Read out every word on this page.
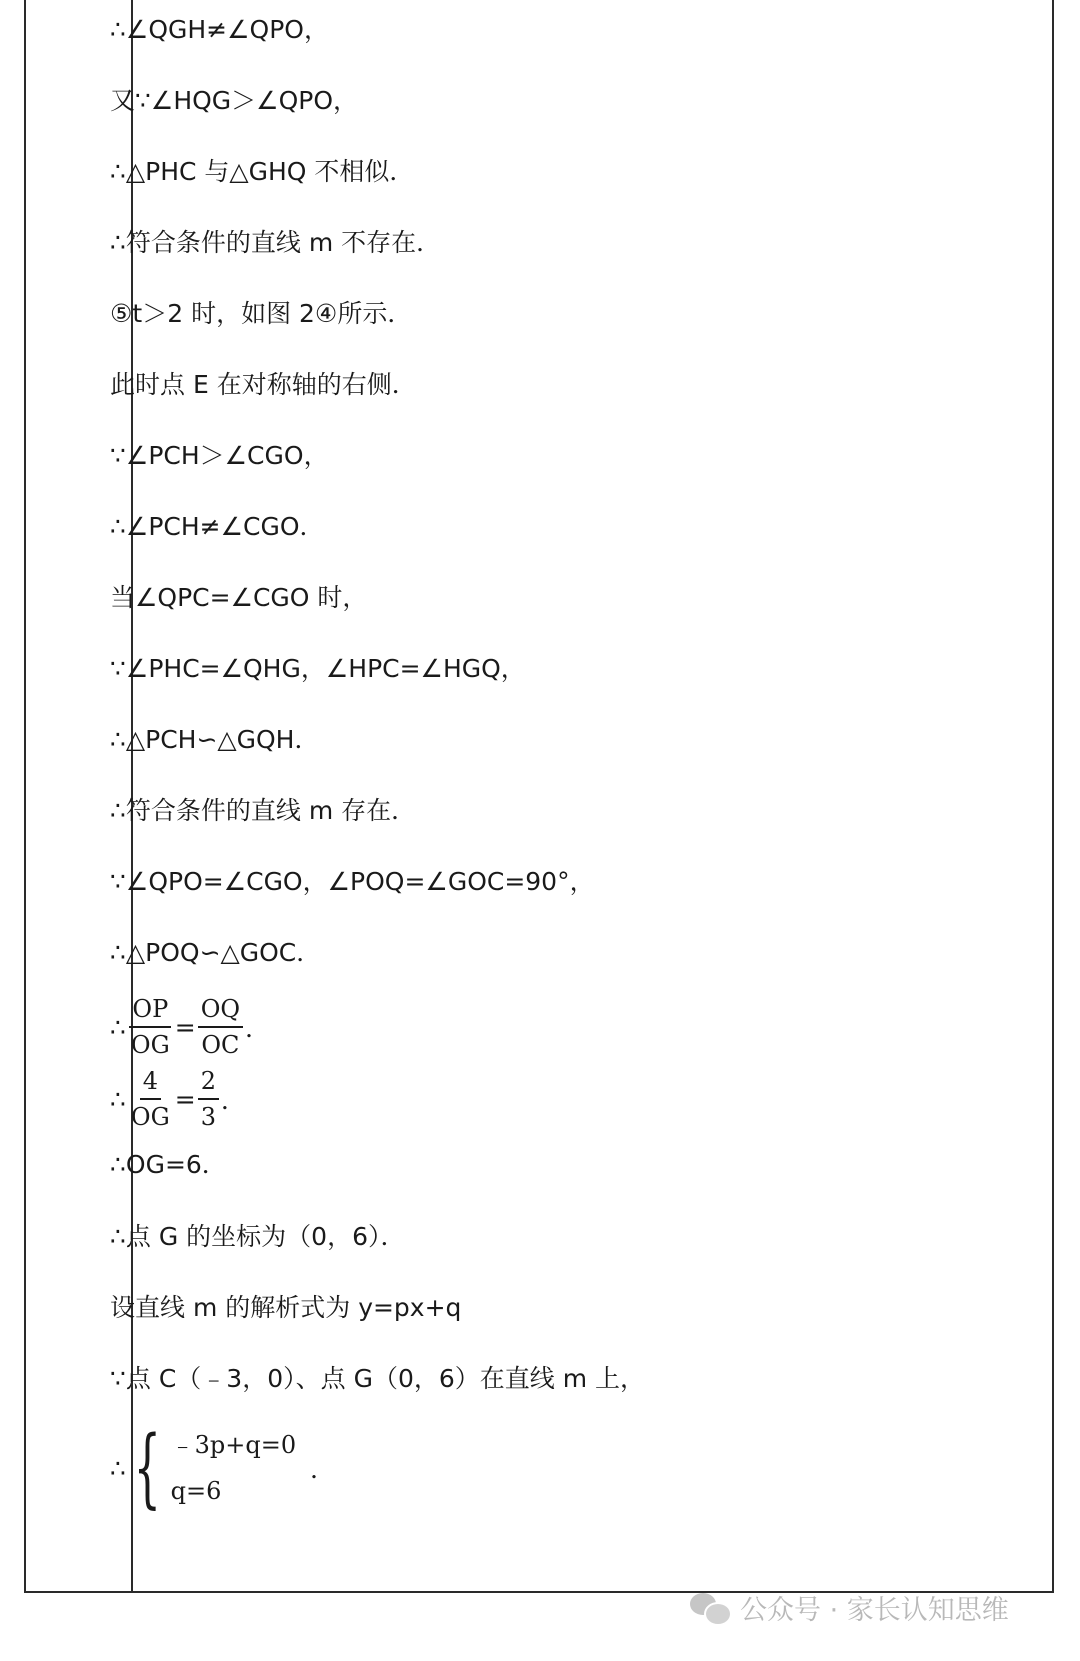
∴∠QGH≠∠QPO，
又∵∠HQG＞∠QPO，
∴△PHC 与△GHQ 不相似．
∴符合条件的直线 m 不存在．
⑤t＞2 时，如图 2④所示．
此时点 E 在对称轴的右侧．
∵∠PCH＞∠CGO，
∴∠PCH≠∠CGO．
当∠QPC=∠CGO 时，
∵∠PHC=∠QHG，∠HPC=∠HGQ，
∴△PCH∽△GQH．
∴符合条件的直线 m 存在．
∵∠QPO=∠CGO，∠POQ=∠GOC=90°，
∴△POQ∽△GOC．
∴ $\frac{OP}{OG} = \frac{OQ}{OC}$ ．
∴ $\frac{4}{OG} = \frac{2}{3}$ ．
∴OG=6．
∴点 G 的坐标为（0，6）．
设直线 m 的解析式为 y=px+q
∵点 C（﹣3，0）、点 G（0，6）在直线 m 上，
∴ { ﹣3p+q=0
q=6
．
公众号 · 家长认知思维
